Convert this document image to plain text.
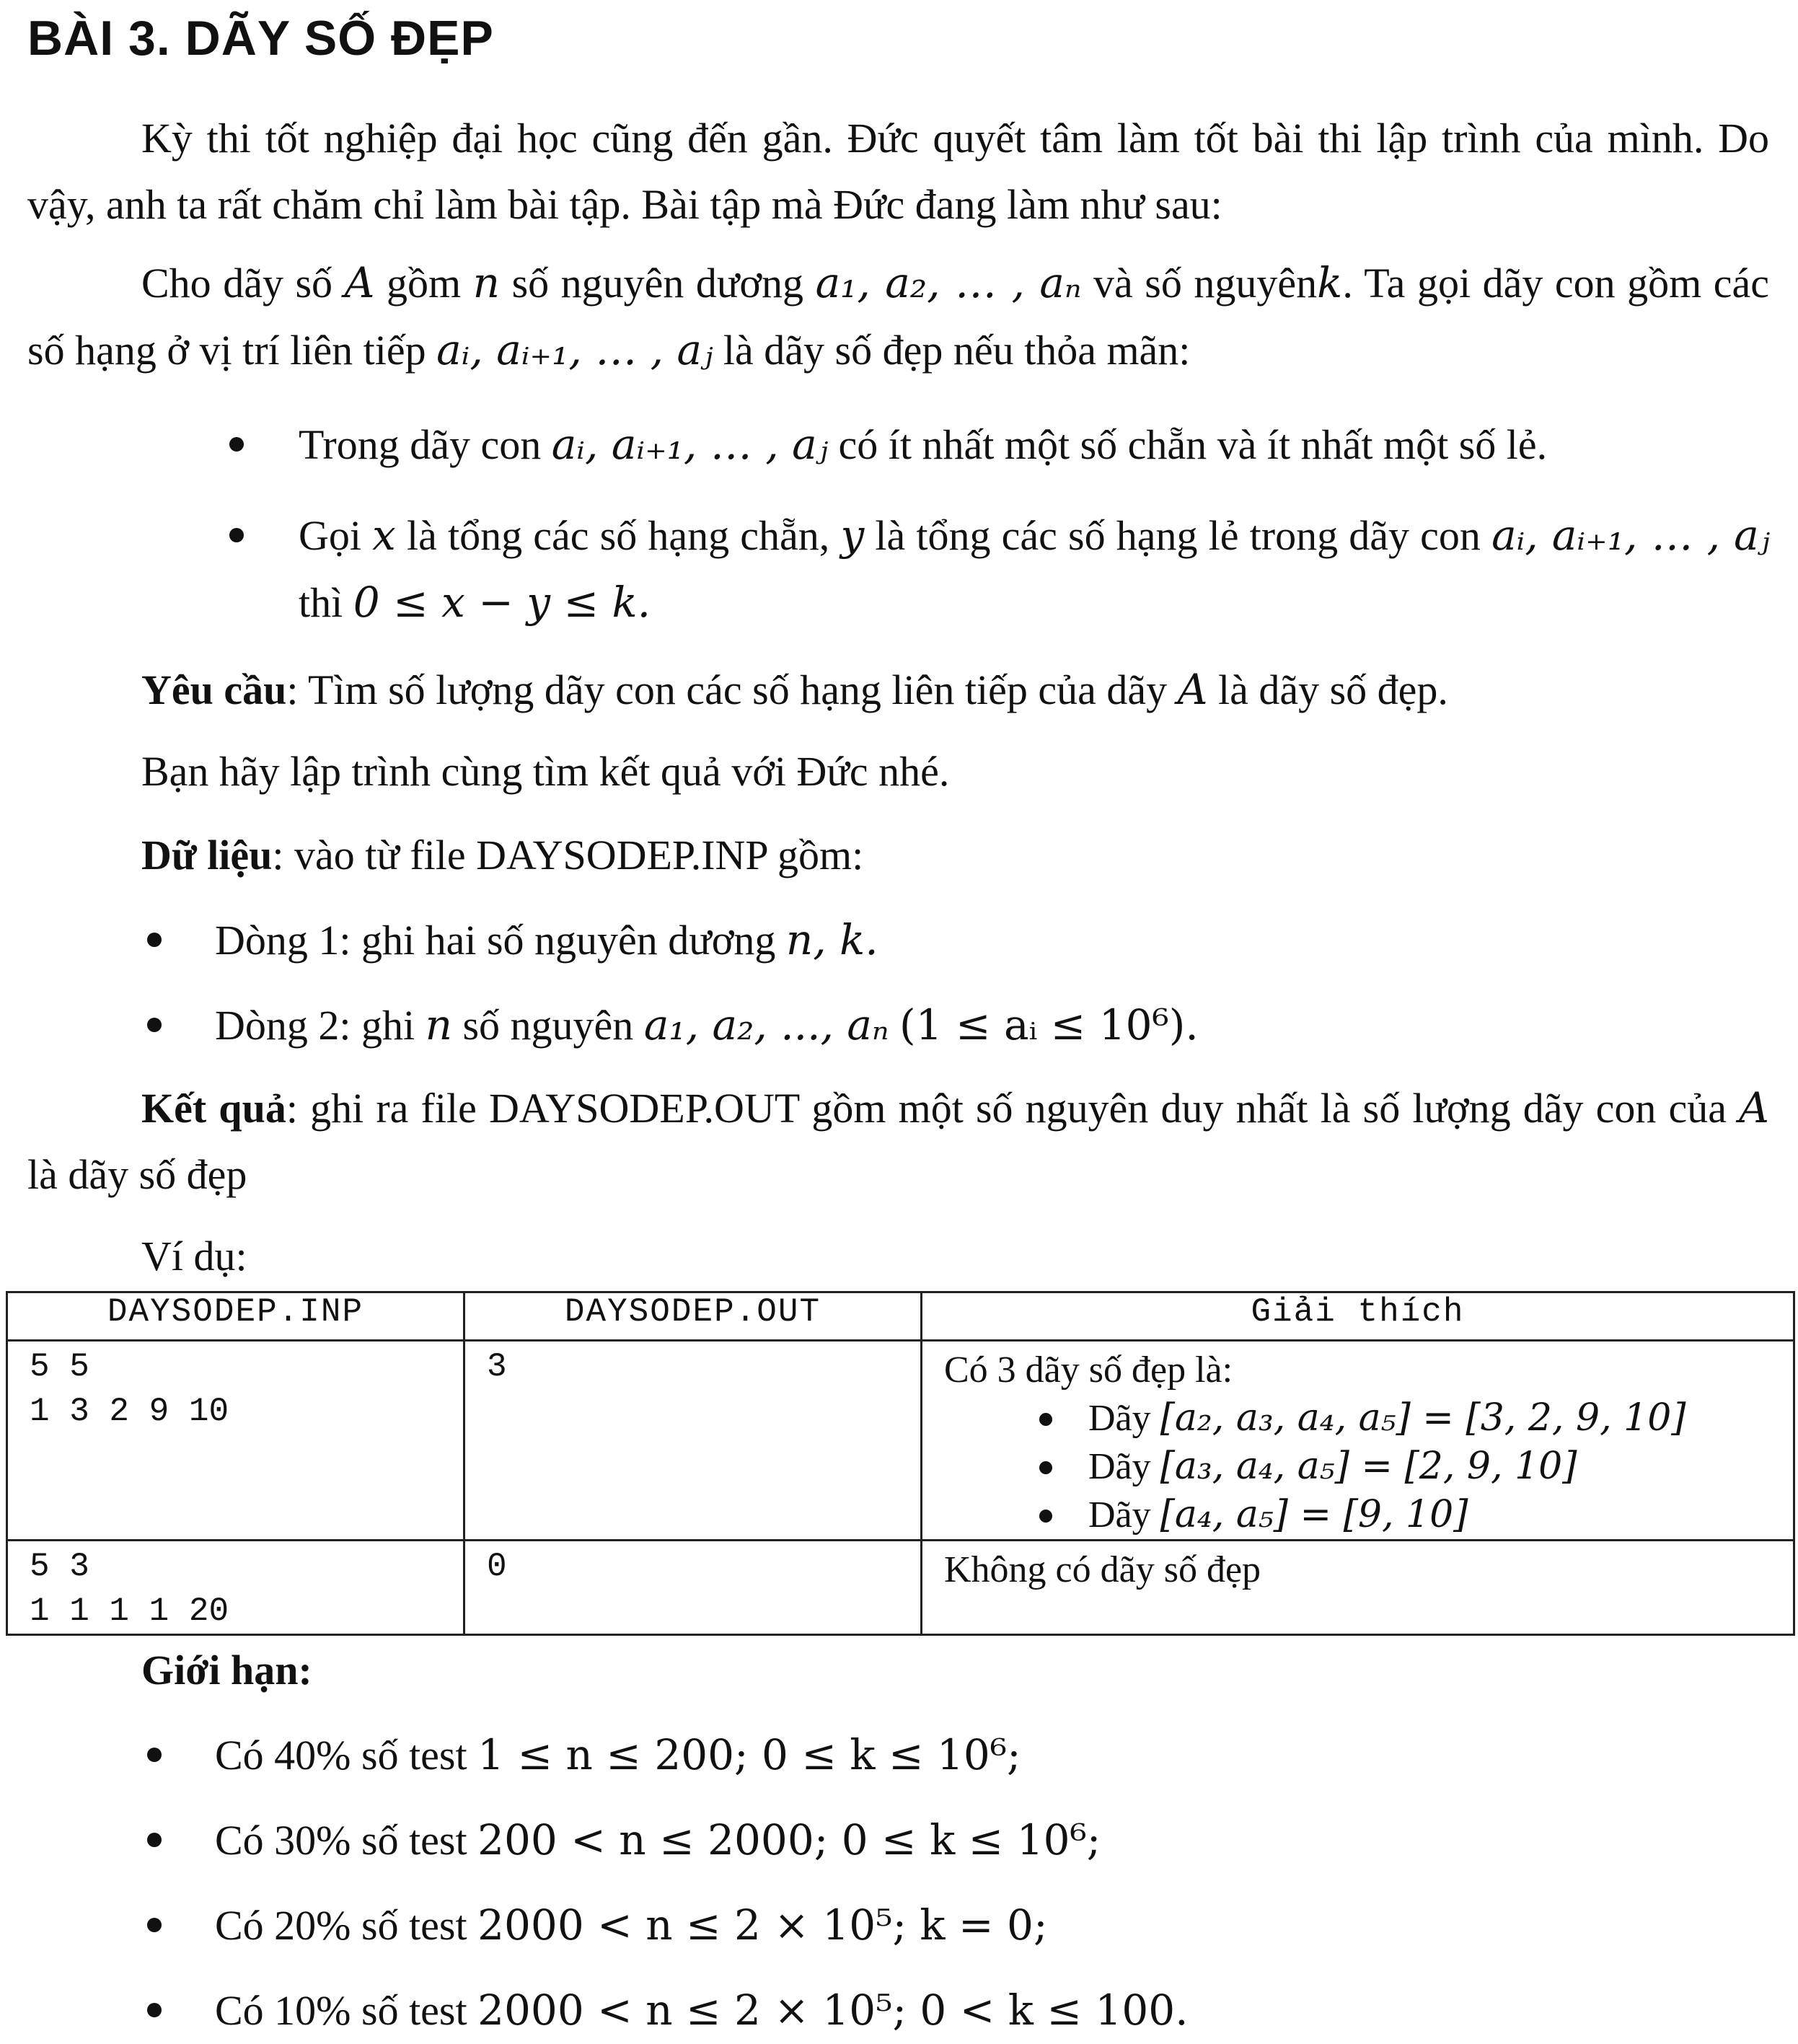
BÀI 3. DÃY SỐ ĐẸP

Kỳ thi tốt nghiệp đại học cũng đến gần. Đức quyết tâm làm tốt bài thi lập trình của mình. Do vậy, anh ta rất chăm chỉ làm bài tập. Bài tập mà Đức đang làm như sau:

Cho dãy số A gồm n số nguyên dương a₁, a₂, … , aₙ và số nguyênk. Ta gọi dãy con gồm các số hạng ở vị trí liên tiếp aᵢ, aᵢ₊₁, … , aⱼ là dãy số đẹp nếu thỏa mãn:

Trong dãy con aᵢ, aᵢ₊₁, … , aⱼ có ít nhất một số chẵn và ít nhất một số lẻ.

Gọi x là tổng các số hạng chẵn, y là tổng các số hạng lẻ trong dãy con aᵢ, aᵢ₊₁, … , aⱼ thì 0 ≤ x − y ≤ k.

Yêu cầu: Tìm số lượng dãy con các số hạng liên tiếp của dãy A là dãy số đẹp.

Bạn hãy lập trình cùng tìm kết quả với Đức nhé.

Dữ liệu: vào từ file DAYSODEP.INP gồm:

Dòng 1: ghi hai số nguyên dương n, k.

Dòng 2: ghi n số nguyên a₁, a₂, ..., aₙ (1 ≤ aᵢ ≤ 10⁶).

Kết quả: ghi ra file DAYSODEP.OUT gồm một số nguyên duy nhất là số lượng dãy con của A là dãy số đẹp

Ví dụ:

DAYSODEP.INP	DAYSODEP.OUT	Giải thích

5 5
1 3 2 9 10	3	Có 3 dãy số đẹp là:
Dãy [a₂, a₃, a₄, a₅] = [3, 2, 9, 10]
Dãy [a₃, a₄, a₅] = [2, 9, 10]
Dãy [a₄, a₅] = [9, 10]

5 3
1 1 1 1 20	0	Không có dãy số đẹp

Giới hạn:

Có 40% số test 1 ≤ n ≤ 200; 0 ≤ k ≤ 10⁶;

Có 30% số test 200 < n ≤ 2000; 0 ≤ k ≤ 10⁶;

Có 20% số test 2000 < n ≤ 2 × 10⁵; k = 0;

Có 10% số test 2000 < n ≤ 2 × 10⁵; 0 < k ≤ 100.
